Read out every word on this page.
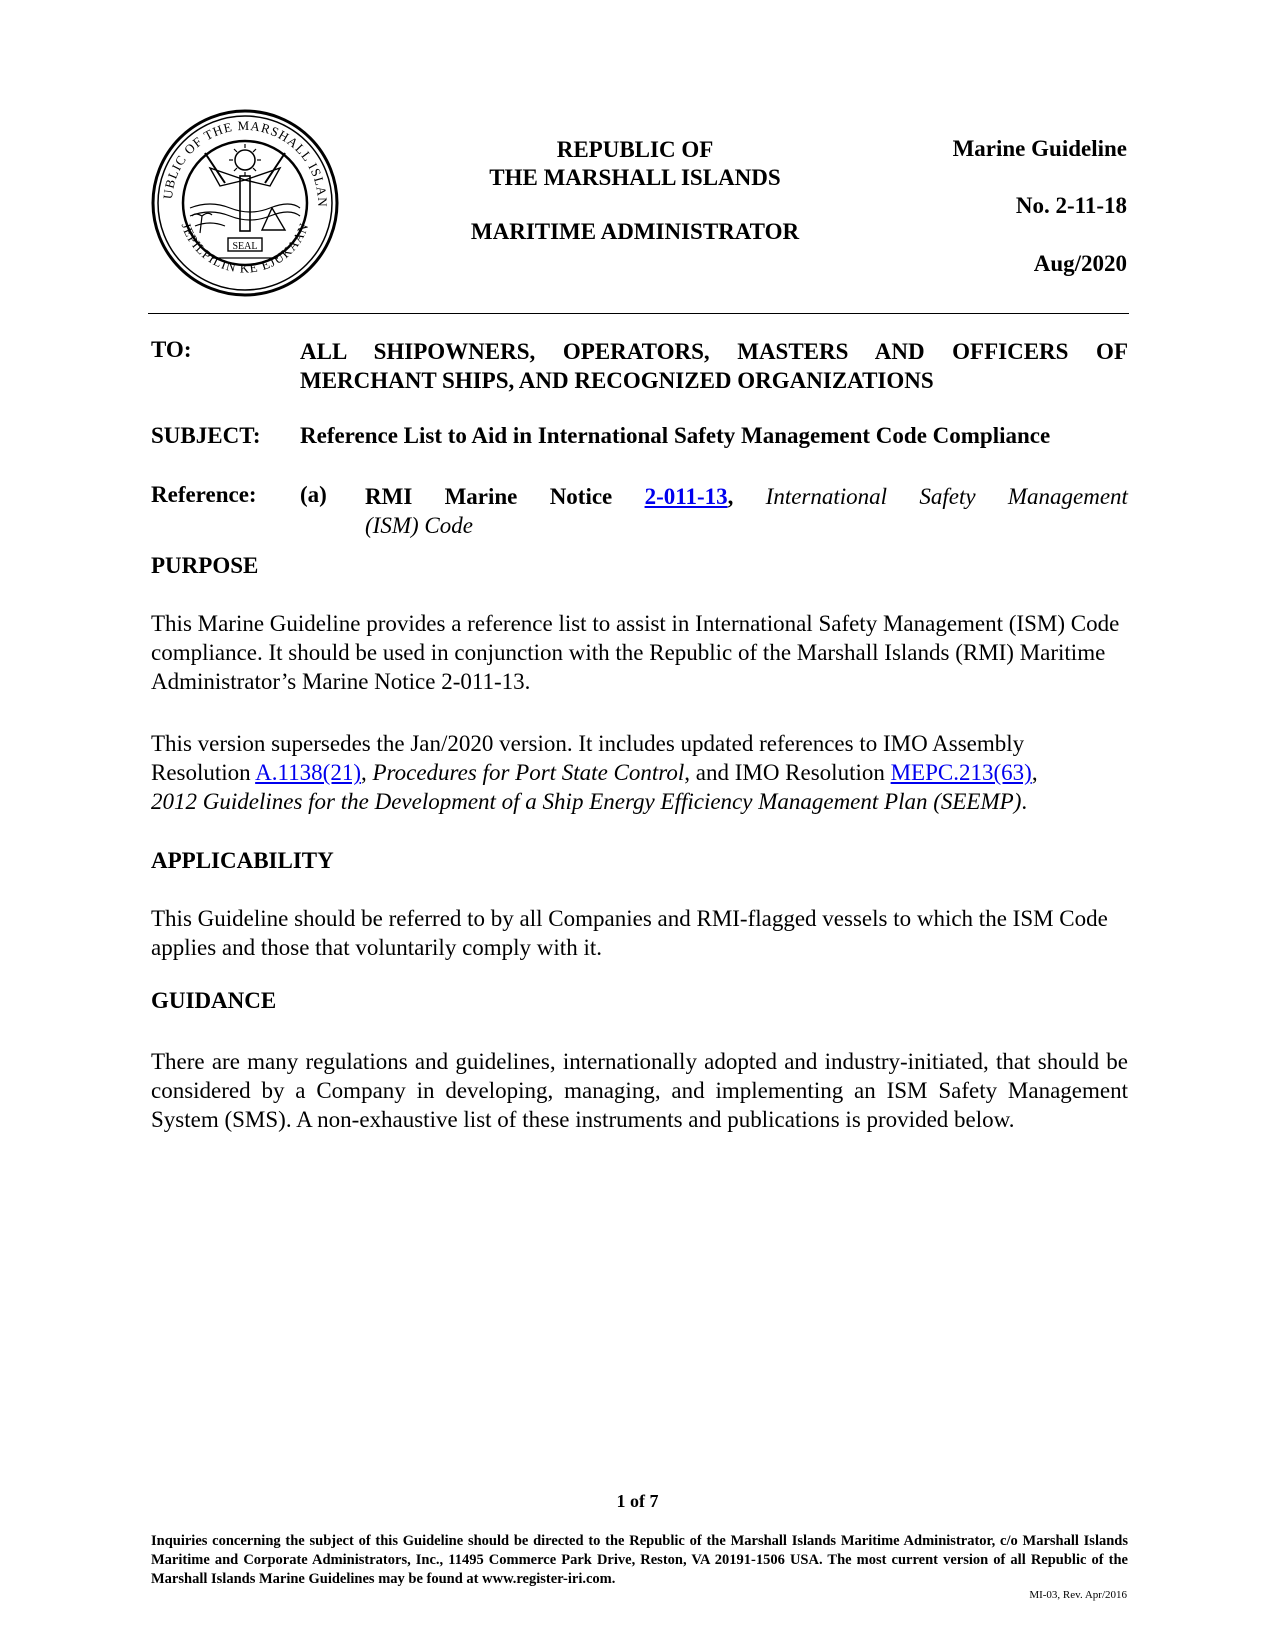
UBLIC OF THE MARSHALL ISLAN
JEPILPILIN KE EJUKAAN
SEAL
REPUBLIC OF
THE MARSHALL ISLANDS
MARITIME ADMINISTRATOR
Marine Guideline
No. 2-11-18
Aug/2020
TO:	ALL SHIPOWNERS, OPERATORS, MASTERS AND OFFICERS OF
MERCHANT SHIPS, AND RECOGNIZED ORGANIZATIONS
SUBJECT: Reference List to Aid in International Safety Management Code Compliance
Reference: (a) RMI Marine Notice 2-011-13, International Safety Management
(ISM) Code
PURPOSE
This Marine Guideline provides a reference list to assist in International Safety Management (ISM) Code compliance. It should be used in conjunction with the Republic of the Marshall Islands (RMI) Maritime Administrator’s Marine Notice 2-011-13.
This version supersedes the Jan/2020 version. It includes updated references to IMO Assembly Resolution A.1138(21), Procedures for Port State Control, and IMO Resolution MEPC.213(63),
2012 Guidelines for the Development of a Ship Energy Efficiency Management Plan (SEEMP).
APPLICABILITY
This Guideline should be referred to by all Companies and RMI-flagged vessels to which the ISM Code applies and those that voluntarily comply with it.
GUIDANCE
There are many regulations and guidelines, internationally adopted and industry-initiated, that should be considered by a Company in developing, managing, and implementing an ISM Safety Management System (SMS). A non-exhaustive list of these instruments and publications is provided below.
1 of 7
Inquiries concerning the subject of this Guideline should be directed to the Republic of the Marshall Islands Maritime Administrator, c/o Marshall Islands Maritime and Corporate Administrators, Inc., 11495 Commerce Park Drive, Reston, VA 20191-1506 USA. The most current version of all Republic of the Marshall Islands Marine Guidelines may be found at www.register-iri.com.
MI-03, Rev. Apr/2016
